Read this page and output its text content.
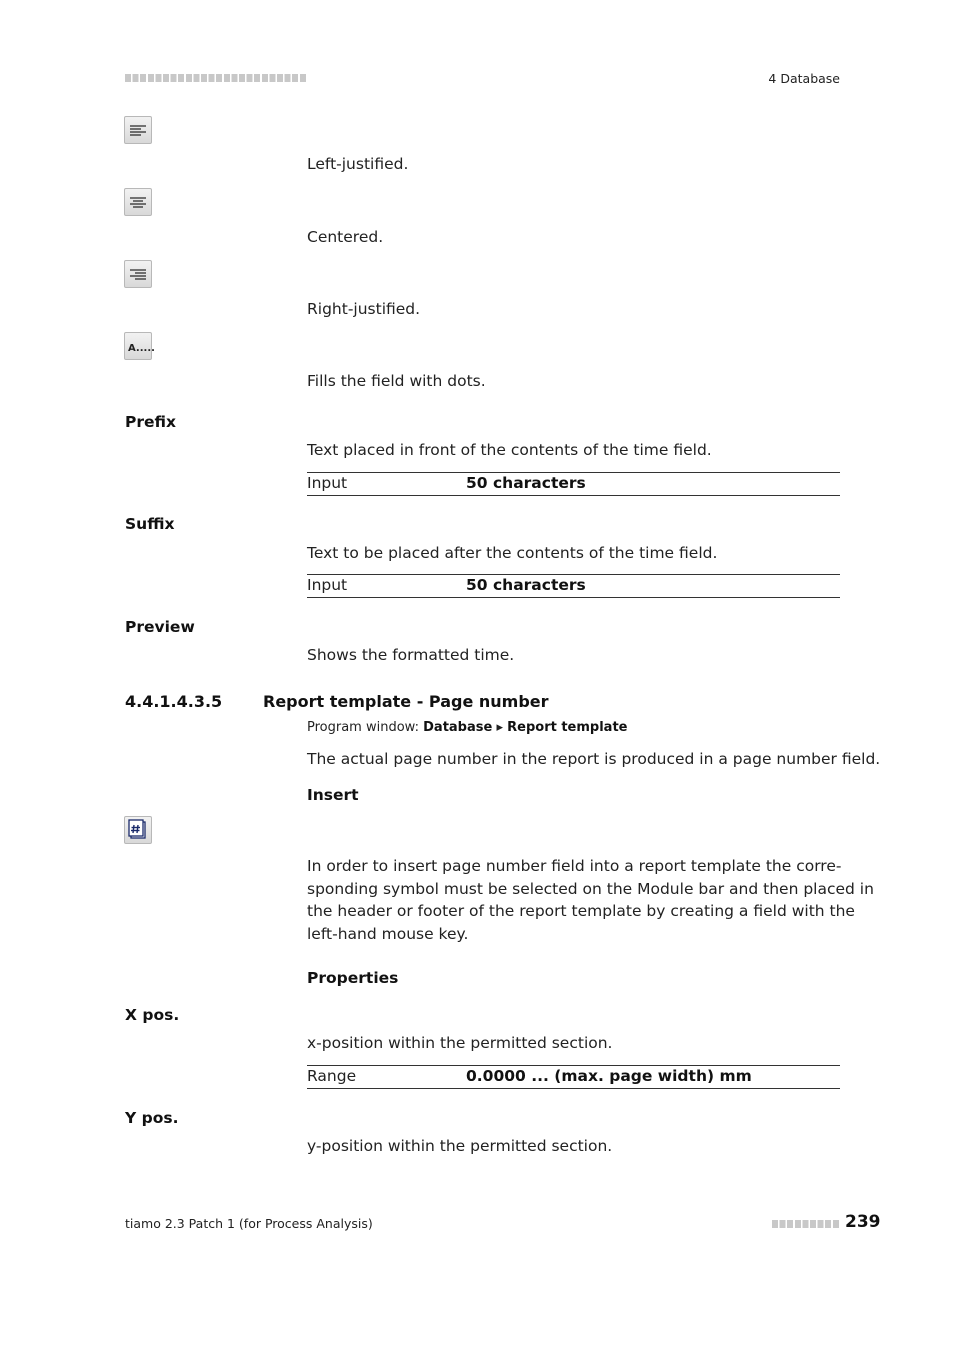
4 Database
Left-justified.
Centered.
Right-justified.
A.....
Fills the field with dots.
Prefix
Text placed in front of the contents of the time field.
Input	50 characters
Suffix
Text to be placed after the contents of the time field.
Input	50 characters
Preview
Shows the formatted time.
4.4.1.4.3.5	Report template - Page number
Program window: Database ▸ Report template
The actual page number in the report is produced in a page number field.
Insert
In order to insert page number field into a report template the corre-
sponding symbol must be selected on the Module bar and then placed in
the header or footer of the report template by creating a field with the
left-hand mouse key.
Properties
X pos.
x-position within the permitted section.
Range	0.0000 ... (max. page width) mm
Y pos.
y-position within the permitted section.
tiamo 2.3 Patch 1 (for Process Analysis)	239
